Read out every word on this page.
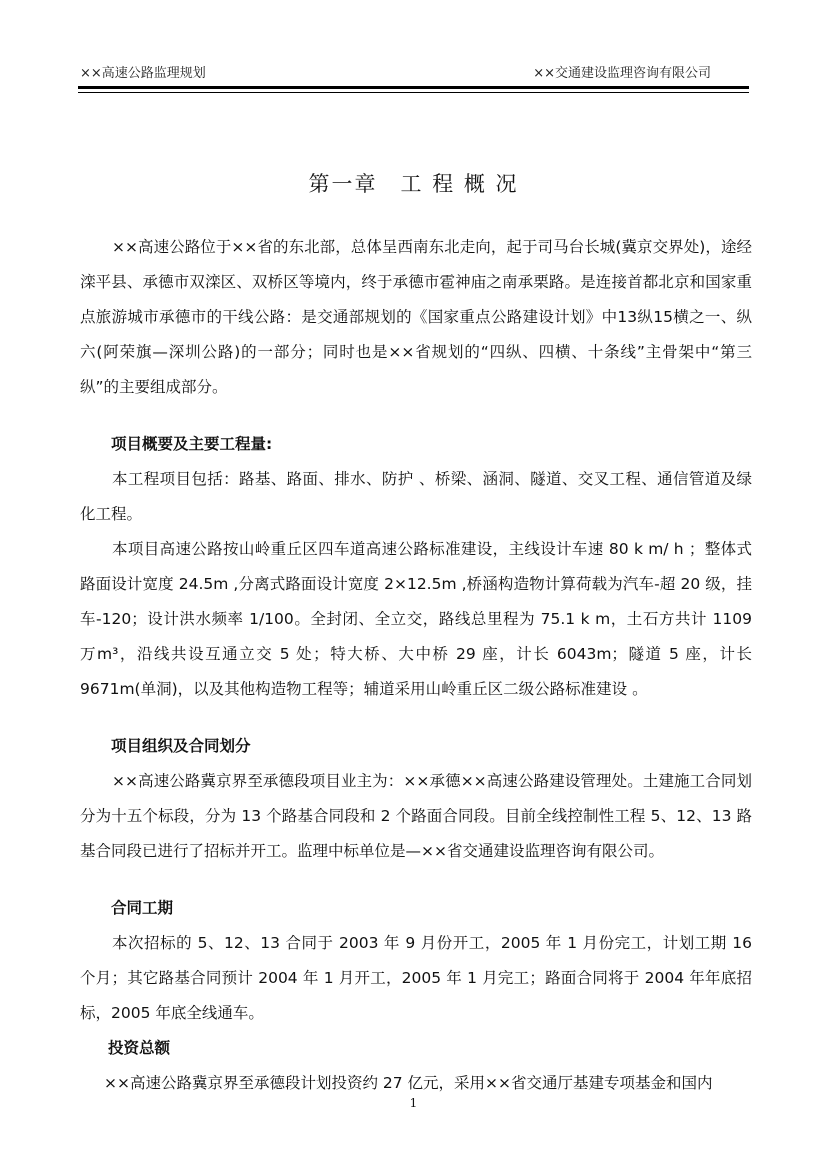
××高速公路监理规划	××交通建设监理咨询有限公司
第一章　工 程 概 况

××高速公路位于××省的东北部，总体呈西南东北走向，起于司马台长城(冀京交界处)，途经滦平县、承德市双滦区、双桥区等境内，终于承德市雹神庙之南承栗路。是连接首都北京和国家重点旅游城市承德市的干线公路：是交通部规划的《国家重点公路建设计划》中13纵15横之一、纵六(阿荣旗—深圳公路)的一部分；同时也是××省规划的“四纵、四横、十条线”主骨架中“第三纵”的主要组成部分。

项目概要及主要工程量:

本工程项目包括：路基、路面、排水、防护 、桥梁、涵洞、隧道、交叉工程、通信管道及绿化工程。

本项目高速公路按山岭重丘区四车道高速公路标准建设，主线设计车速 80 k m/ h ；整体式路面设计宽度 24.5m ,分离式路面设计宽度 2×12.5m ,桥涵构造物计算荷载为汽车-超 20 级，挂车-120；设计洪水频率 1/100。全封闭、全立交，路线总里程为 75.1 k m，土石方共计 1109 万m³，沿线共设互通立交 5 处；特大桥、大中桥 29 座，计长 6043m；隧道 5 座，计长 9671m(单洞)，以及其他构造物工程等；辅道采用山岭重丘区二级公路标准建设 。

项目组织及合同划分

××高速公路冀京界至承德段项目业主为：××承德××高速公路建设管理处。土建施工合同划分为十五个标段，分为 13 个路基合同段和 2 个路面合同段。目前全线控制性工程 5、12、13 路基合同段已进行了招标并开工。监理中标单位是—××省交通建设监理咨询有限公司。

合同工期

本次招标的 5、12、13 合同于 2003 年 9 月份开工，2005 年 1 月份完工，计划工期 16 个月；其它路基合同预计 2004 年 1 月开工，2005 年 1 月完工；路面合同将于 2004 年年底招标，2005 年底全线通车。

投资总额

××高速公路冀京界至承德段计划投资约 27 亿元，采用××省交通厅基建专项基金和国内

1
